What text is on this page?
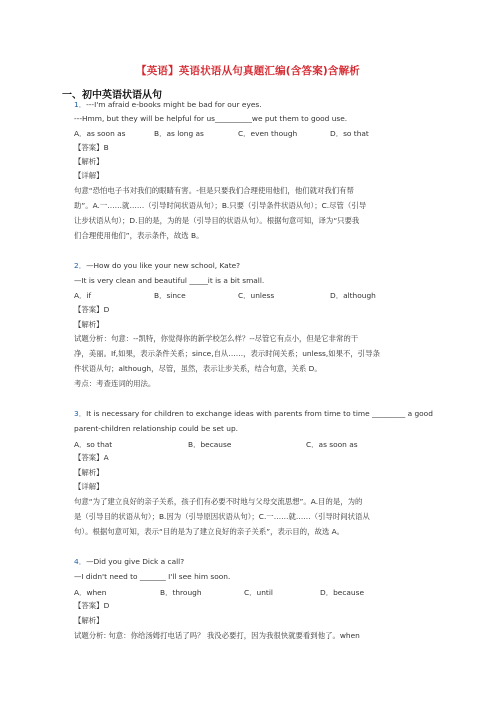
【英语】英语状语从句真题汇编(含答案)含解析
一、初中英语状语从句
1．---I'm afraid e-books might be bad for our eyes.
---Hmm, but they will be helpful for us__________we put them to good use.
A．as soon as	B．as long as	C．even though	D．so that
【答案】B
【解析】
【详解】
句意“恐怕电子书对我们的眼睛有害。-但是只要我们合理使用他们，他们就对我们有帮
助”。A.一……就……（引导时间状语从句）；B.只要（引导条件状语从句）；C.尽管（引导
让步状语从句）；D.目的是，为的是（引导目的状语从句）。根据句意可知，译为“只要我
们合理使用他们”，表示条件，故选 B。
2．—How do you like your new school, Kate?
—It is very clean and beautiful _____it is a bit small.
A．if	B．since	C．unless	D．although
【答案】D
【解析】
试题分析：句意：--凯特，你觉得你的新学校怎么样？--尽管它有点小，但是它非常的干
净，美丽。If,如果，表示条件关系；since,自从……，表示时间关系；unless,如果不，引导条
件状语从句；although，尽管，虽然，表示让步关系，结合句意，关系 D。
考点：考查连词的用法。
3．It is necessary for children to exchange ideas with parents from time to time _________ a good
parent-children relationship could be set up.
A．so that	B．because	C．as soon as
【答案】A
【解析】
【详解】
句意“为了建立良好的亲子关系，孩子们有必要不时地与父母交流思想”。A.目的是，为的
是（引导目的状语从句）；B.因为（引导原因状语从句）；C.一……就……（引导时间状语从
句）。根据句意可知，表示“目的是为了建立良好的亲子关系”，表示目的，故选 A。
4．—Did you give Dick a call?
—I didn't need to _______ I'll see him soon.
A．when	B．through	C．until	D．because
【答案】D
【解析】
试题分析: 句意：你给汤姆打电话了吗？ 我没必要打，因为我很快就要看到他了。when
